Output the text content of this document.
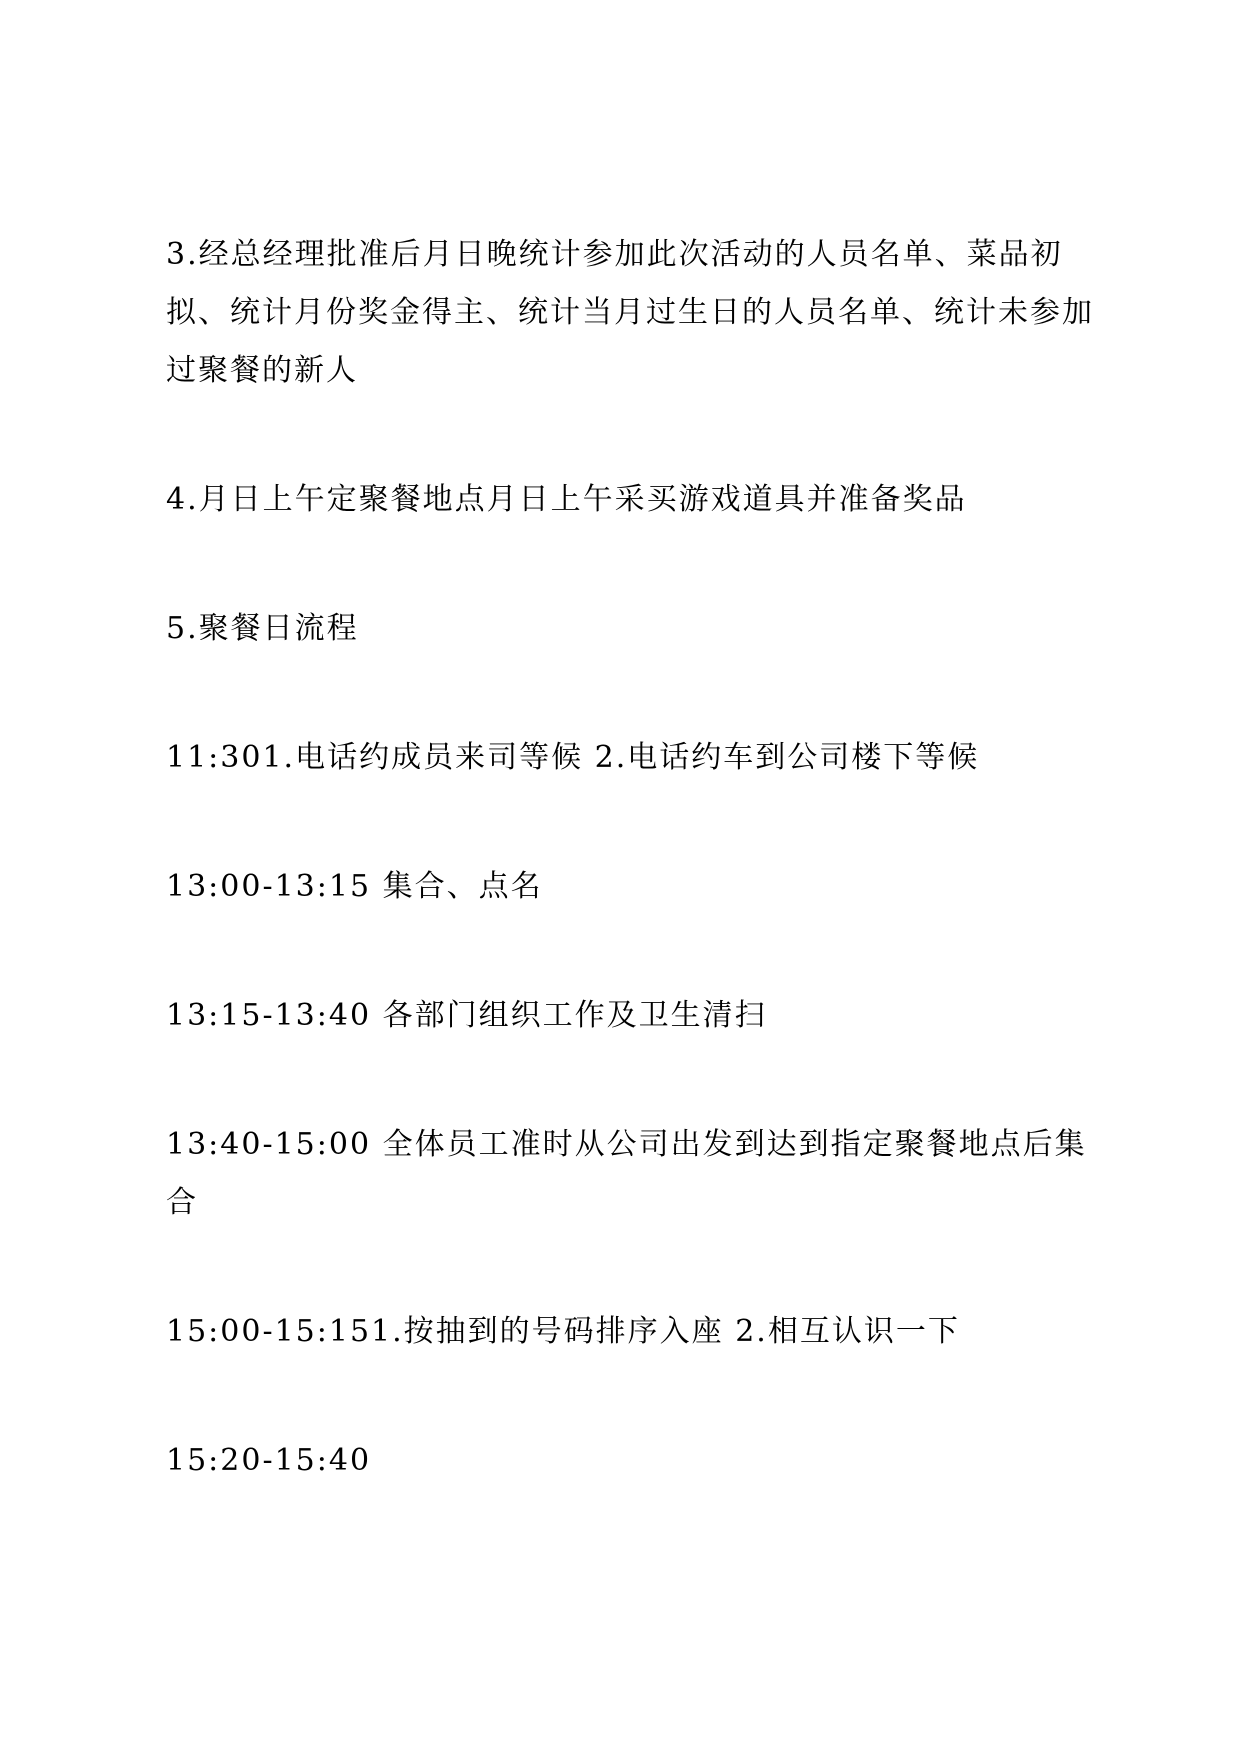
3.经总经理批准后月日晚统计参加此次活动的人员名单、菜品初拟、统计月份奖金得主、统计当月过生日的人员名单、统计未参加过聚餐的新人

4.月日上午定聚餐地点月日上午采买游戏道具并准备奖品

5.聚餐日流程

11:301.电话约成员来司等候 2.电话约车到公司楼下等候

13:00-13:15 集合、点名

13:15-13:40 各部门组织工作及卫生清扫

13:40-15:00 全体员工准时从公司出发到达到指定聚餐地点后集合

15:00-15:151.按抽到的号码排序入座 2.相互认识一下

15:20-15:40
